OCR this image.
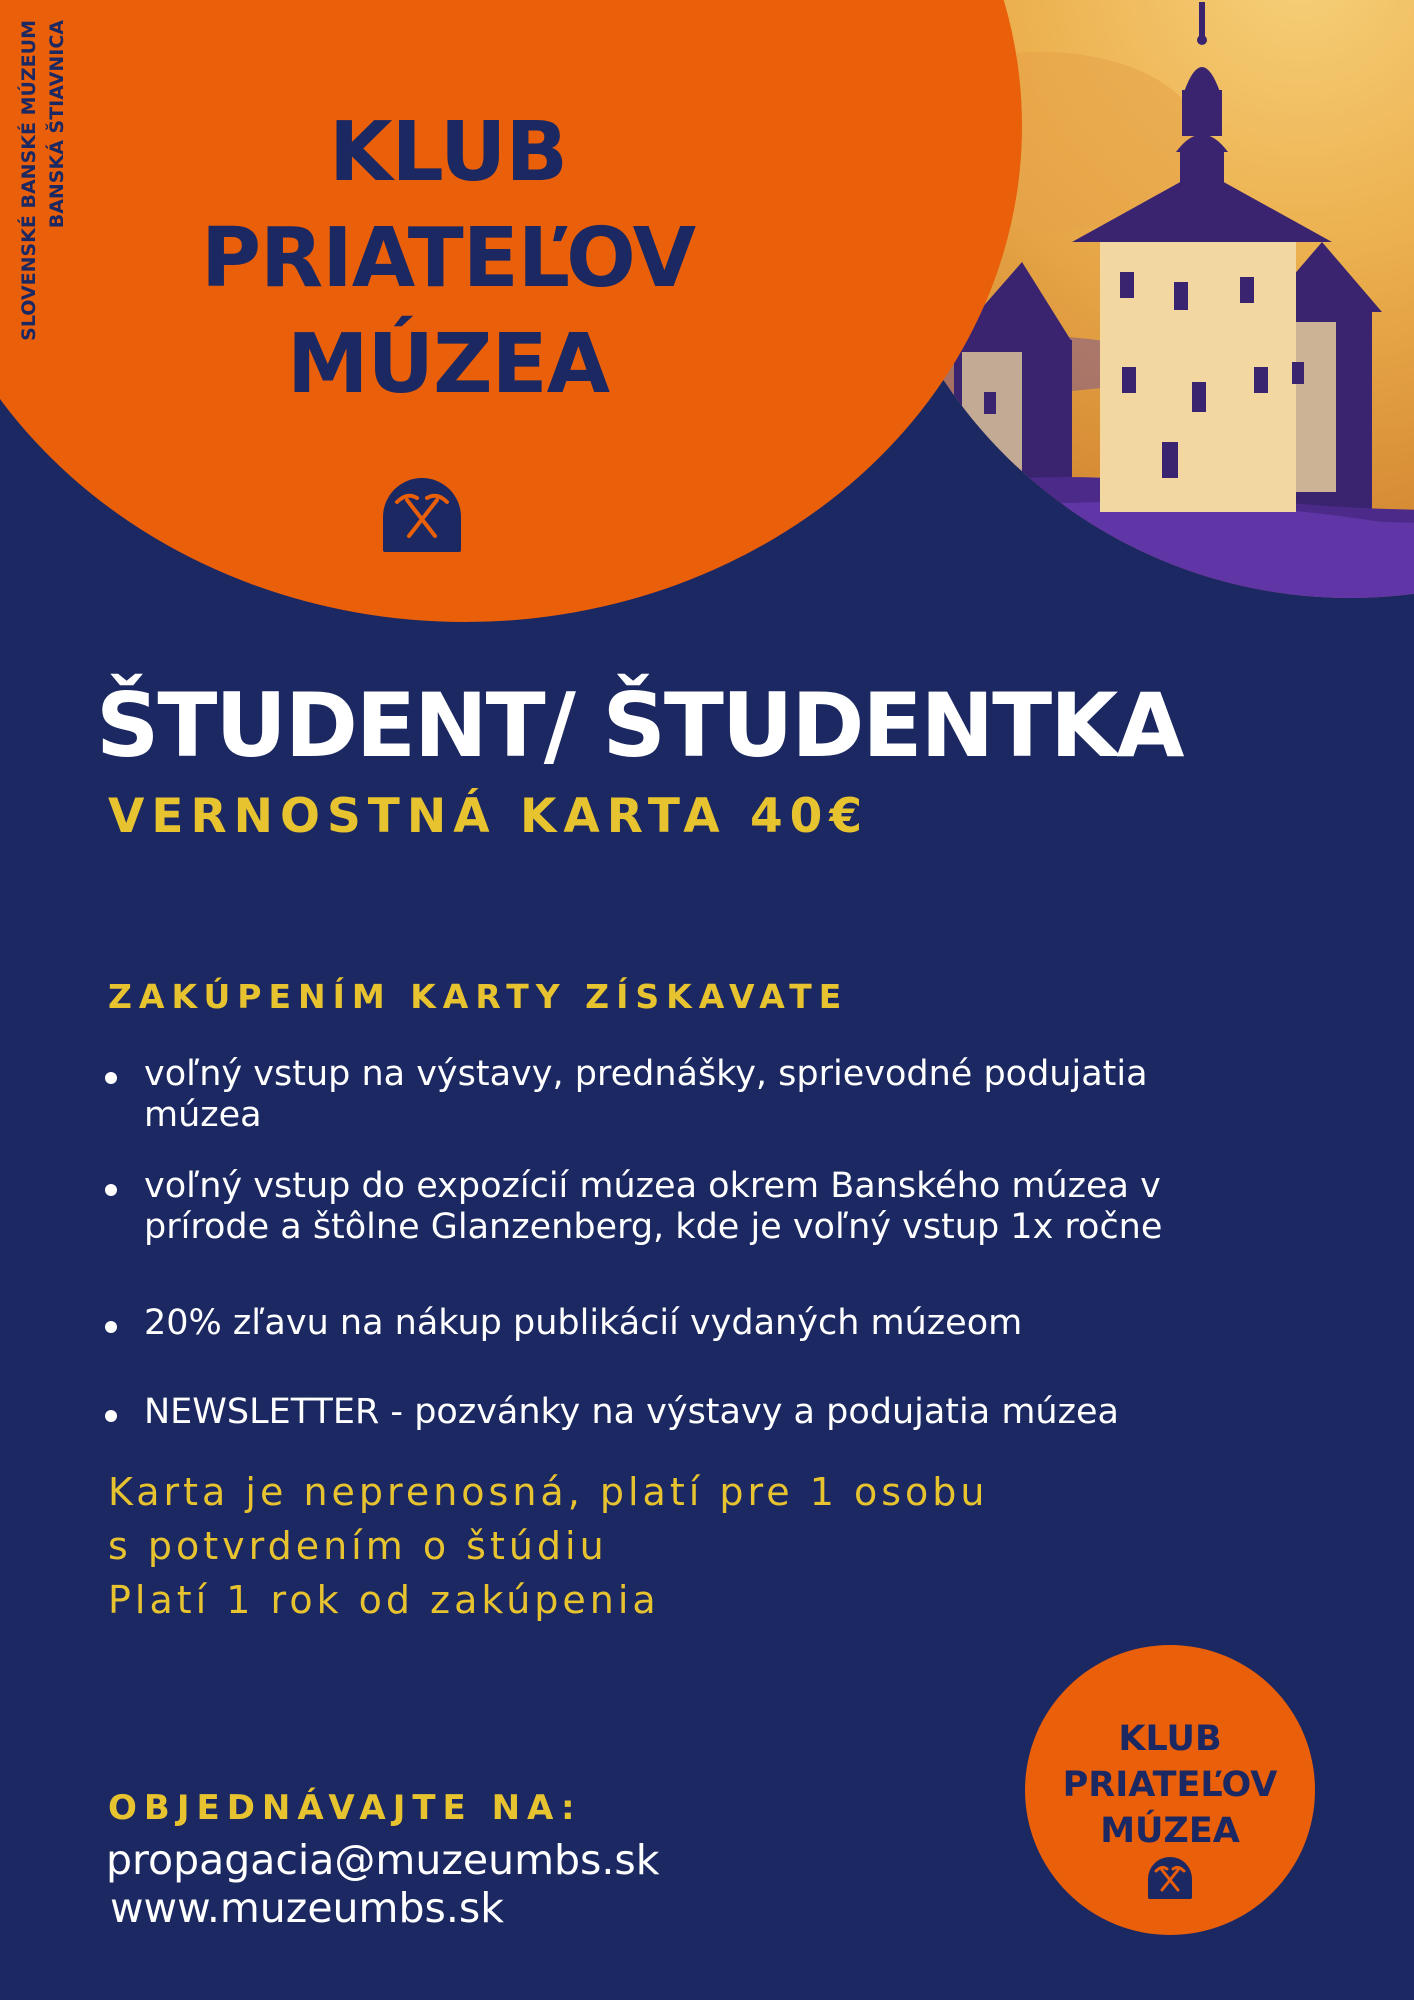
SLOVENSKÉ BANSKÉ MÚZEUM BANSKÁ ŠTIAVNICA	KLUB
PRIATEĽOV
MÚZEA
ŠTUDENT/ ŠTUDENTKA
VERNOSTNÁ KARTA 40€
ZAKÚPENÍM KARTY ZÍSKAVATE
voľný vstup na výstavy, prednášky, sprievodné podujatia
múzea
voľný vstup do expozícií múzea okrem Banského múzea v
prírode a štôlne Glanzenberg, kde je voľný vstup 1x ročne
20% zľavu na nákup publikácií vydaných múzeom
NEWSLETTER - pozvánky na výstavy a podujatia múzea
Karta je neprenosná, platí pre 1 osobu
s potvrdením o štúdiu
Platí 1 rok od zakúpenia
OBJEDNÁVAJTE NA:
propagacia@muzeumbs.sk
www.muzeumbs.sk
KLUB
PRIATEĽOV
MÚZEA
